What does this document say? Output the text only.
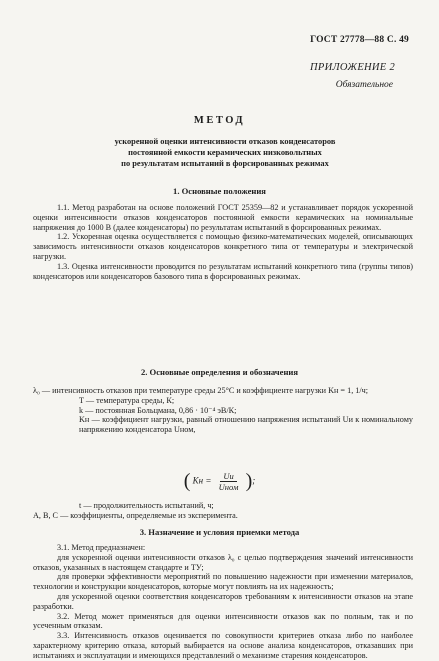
ГОСТ 27778—88 С. 49
ПРИЛОЖЕНИЕ 2
Обязательное
МЕТОД
ускоренной оценки интенсивности отказов конденсаторов
постоянной емкости керамических низковольтных
по результатам испытаний в форсированных режимах
1. Основные положения

1.1. Метод разработан на основе положений ГОСТ 25359—82 и устанавливает порядок ускоренной оценки интенсивности отказов конденсаторов постоянной емкости керамических на номинальные напряжения до 1000 В (далее конденсаторы) по результатам испытаний в форсированных режимах.

1.2. Ускоренная оценка осуществляется с помощью физико-математических моделей, описывающих зависимость интенсивности отказов конденсаторов конкретного типа от температуры и электрической нагрузки.

1.3. Оценка интенсивности проводится по результатам испытаний конкретного типа (группы типов) конденсаторов или конденсаторов базового типа в форсированных режимах.

2. Основные определения и обозначения
λ₀ — интенсивность отказов при температуре среды 25°С и коэффициенте нагрузки Kн = 1, 1/ч;
T — температура среды, К;
k — постоянная Больцмана, 0,86 · 10⁻⁴ эВ/К;
Kн — коэффициент нагрузки, равный отношению напряжения испытаний Uи к номинальному напряжению конденсатора Uном,
( Kн = $\frac{Uи}{\text{Uном}}$ );
t — продолжительность испытаний, ч;
A, B, C — коэффициенты, определяемые из эксперимента.
3. Назначение и условия приемки метода

3.1. Метод предназначен:

для ускоренной оценки интенсивности отказов λ₀ с целью подтверждения значений интенсивности отказов, указанных в настоящем стандарте и ТУ;

для проверки эффективности мероприятий по повышению надежности при изменении материалов, технологии и конструкции конденсаторов, которые могут повлиять на их надежность;

для ускоренной оценки соответствия конденсаторов требованиям к интенсивности отказов на этапе разработки.

3.2. Метод может применяться для оценки интенсивности отказов как по полным, так и по усеченным отказам.

3.3. Интенсивность отказов оценивается по совокупности критериев отказа либо по наиболее характерному критерию отказа, который выбирается на основе анализа конденсаторов, отказавших при испытаниях и эксплуатации и имеющихся представлений о механизме старения конденсаторов.
